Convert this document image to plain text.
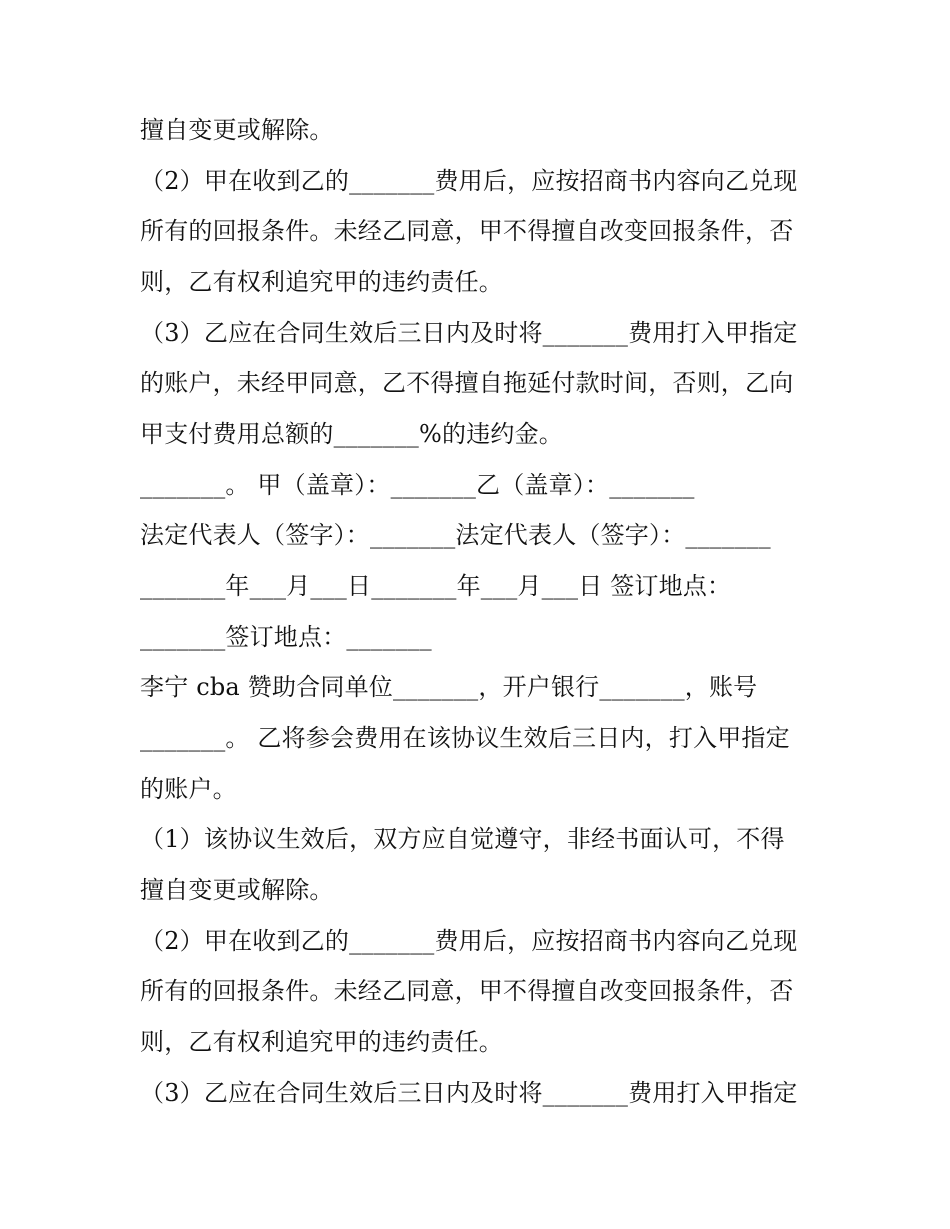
擅自变更或解除。
（2）甲在收到乙的_______费用后，应按招商书内容向乙兑现
所有的回报条件。未经乙同意，甲不得擅自改变回报条件，否
则，乙有权利追究甲的违约责任。
（3）乙应在合同生效后三日内及时将_______费用打入甲指定
的账户，未经甲同意，乙不得擅自拖延付款时间，否则，乙向
甲支付费用总额的_______%的违约金。
_______。 甲（盖章）：_______乙（盖章）：_______
法定代表人（签字）：_______法定代表人（签字）：_______
_______年___月___日_______年___月___日 签订地点：
_______签订地点：_______
李宁 cba 赞助合同单位_______，开户银行_______，账号
_______。 乙将参会费用在该协议生效后三日内，打入甲指定
的账户。
（1）该协议生效后，双方应自觉遵守，非经书面认可，不得
擅自变更或解除。
（2）甲在收到乙的_______费用后，应按招商书内容向乙兑现
所有的回报条件。未经乙同意，甲不得擅自改变回报条件，否
则，乙有权利追究甲的违约责任。
（3）乙应在合同生效后三日内及时将_______费用打入甲指定
